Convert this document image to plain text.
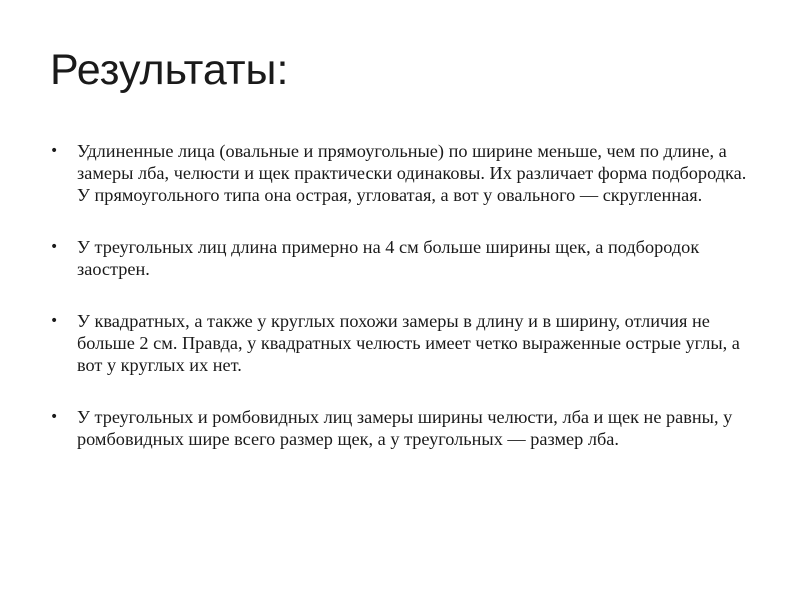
Результаты:
•	Удлиненные лица (овальные и прямоугольные) по ширине меньше, чем по длине, а замеры лба, челюсти и щек практически одинаковы. Их различает форма подбородка. У прямоугольного типа она острая, угловатая, а вот у овального — скругленная.
•	У треугольных лиц длина примерно на 4 см больше ширины щек, а подбородок заострен.
•	У квадратных, а также у круглых похожи замеры в длину и в ширину, отличия не больше 2 см. Правда, у квадратных челюсть имеет четко выраженные острые углы, а вот у круглых их нет.
•	У треугольных и ромбовидных лиц замеры ширины челюсти, лба и щек не равны, у ромбовидных шире всего размер щек, а у треугольных — размер лба.
